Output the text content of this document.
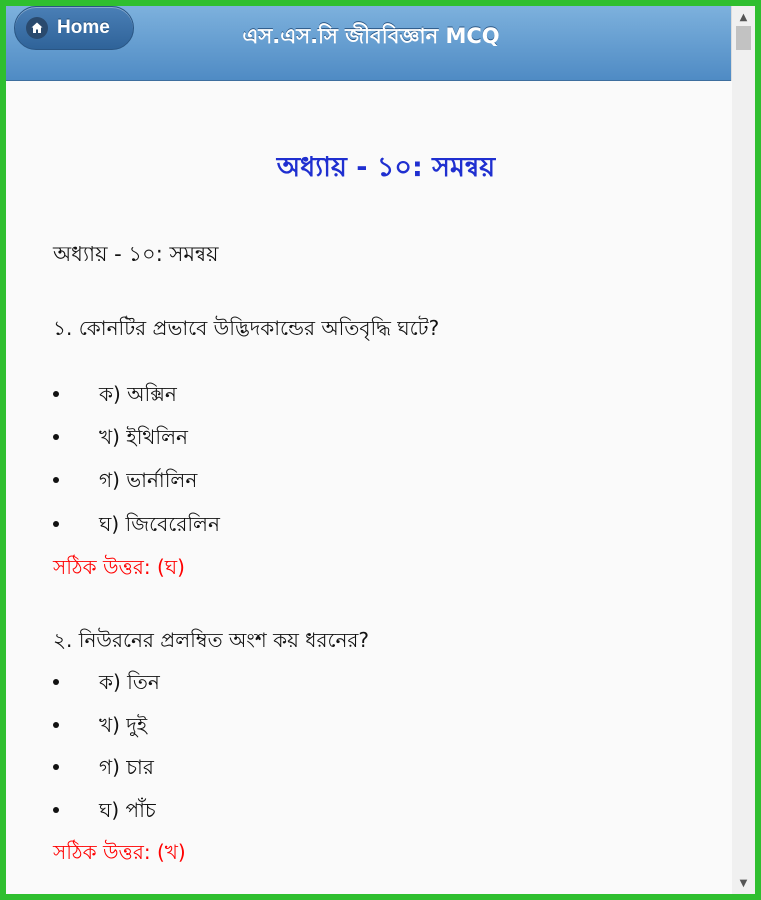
Home	এস.এস.সি জীববিজ্ঞান MCQ
▲
▼
অধ্যায় - ১০: সমন্বয়
অধ্যায় - ১০: সমন্বয়
১. কোনটির প্রভাবে উদ্ভিদকান্ডের অতিবৃদ্ধি ঘটে?
ক) অক্সিন
খ) ইথিলিন
গ) ভার্নালিন
ঘ) জিবেরেলিন
সঠিক উত্তর: (ঘ)
২. নিউরনের প্রলম্বিত অংশ কয় ধরনের?
ক) তিন
খ) দুই
গ) চার
ঘ) পাঁচ
সঠিক উত্তর: (খ)
